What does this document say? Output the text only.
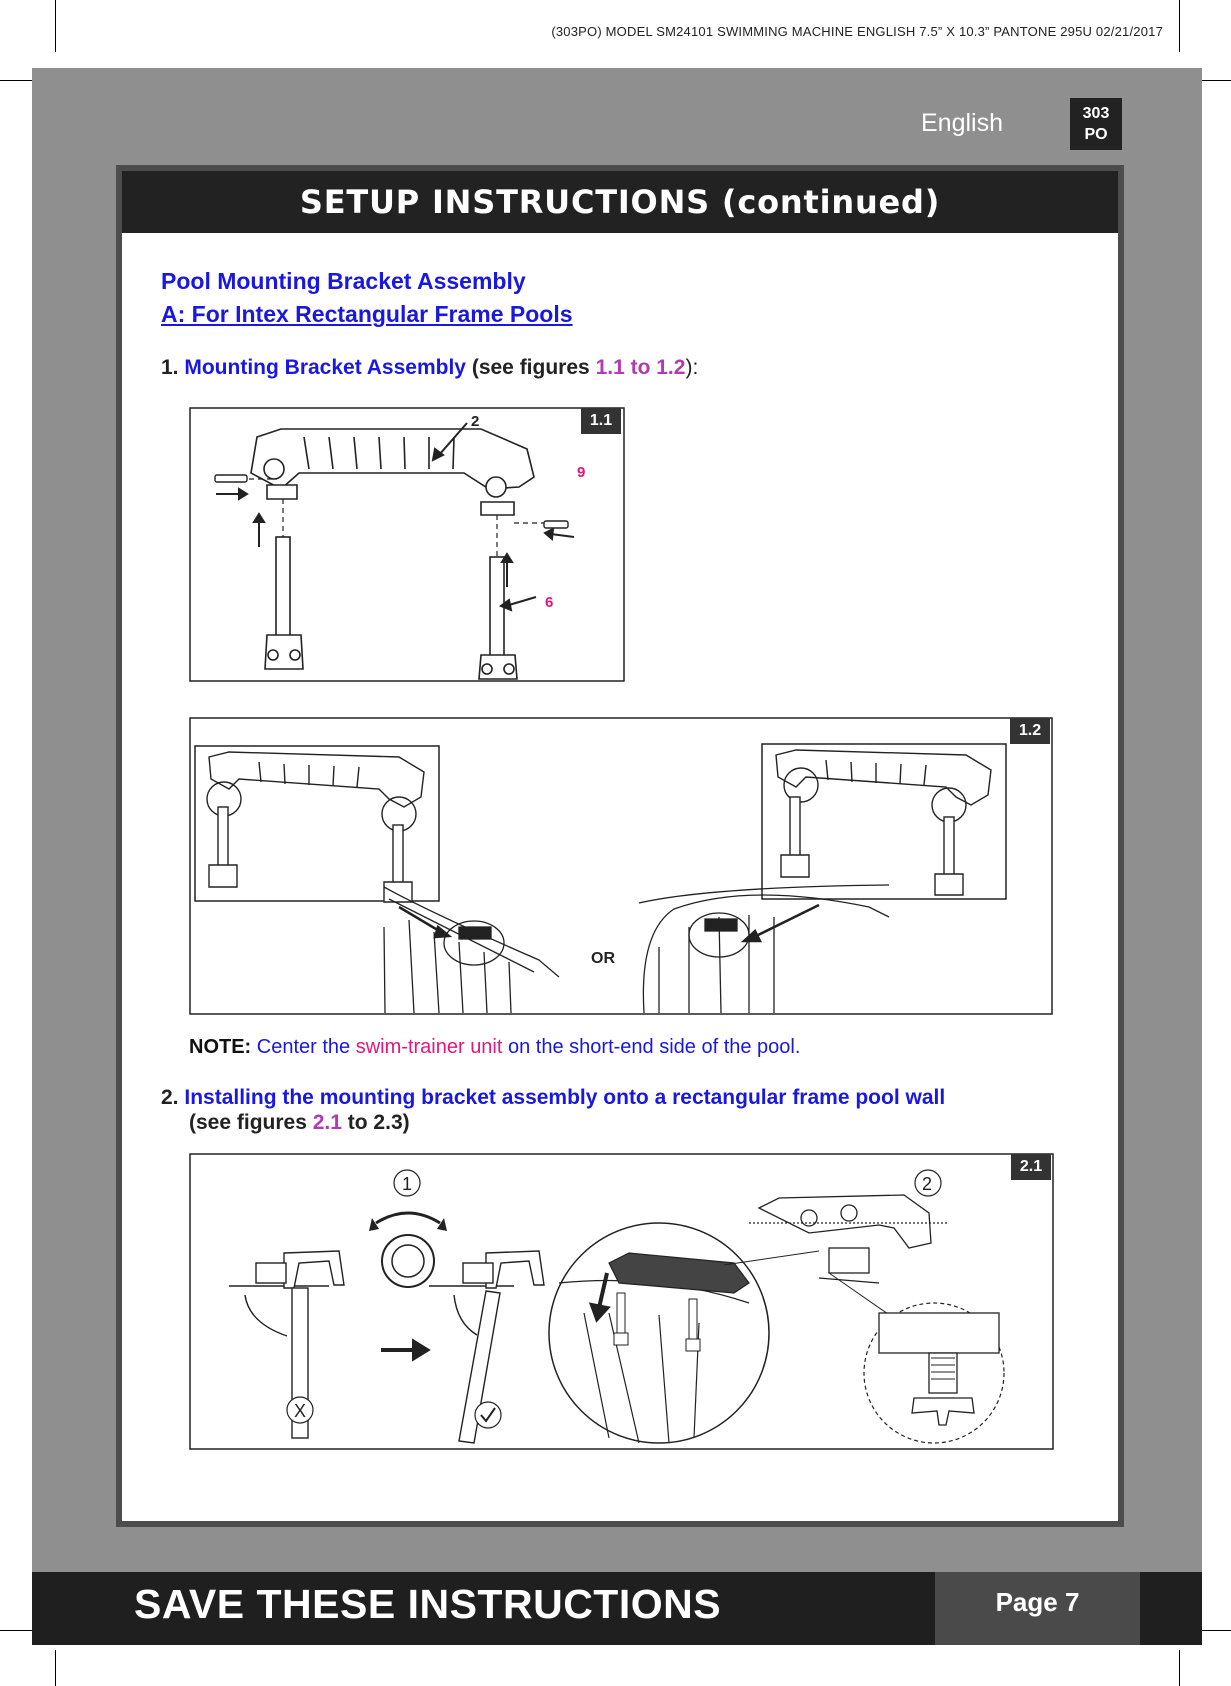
(303PO) MODEL SM24101 SWIMMING MACHINE ENGLISH 7.5” X 10.3” PANTONE 295U 02/21/2017
English	303
PO
SETUP INSTRUCTIONS (continued)
Pool Mounting Bracket Assembly
A: For Intex Rectangular Frame Pools
1. Mounting Bracket Assembly (see figures 1.1 to 1.2):
2
9
6
1.1
OR
1.2
NOTE: Center the swim-trainer unit on the short-end side of the pool.
2. Installing the mounting bracket assembly onto a rectangular frame pool wall
(see figures 2.1 to 2.3)
1	2
X
2.1
SAVE THESE INSTRUCTIONS	Page 7
